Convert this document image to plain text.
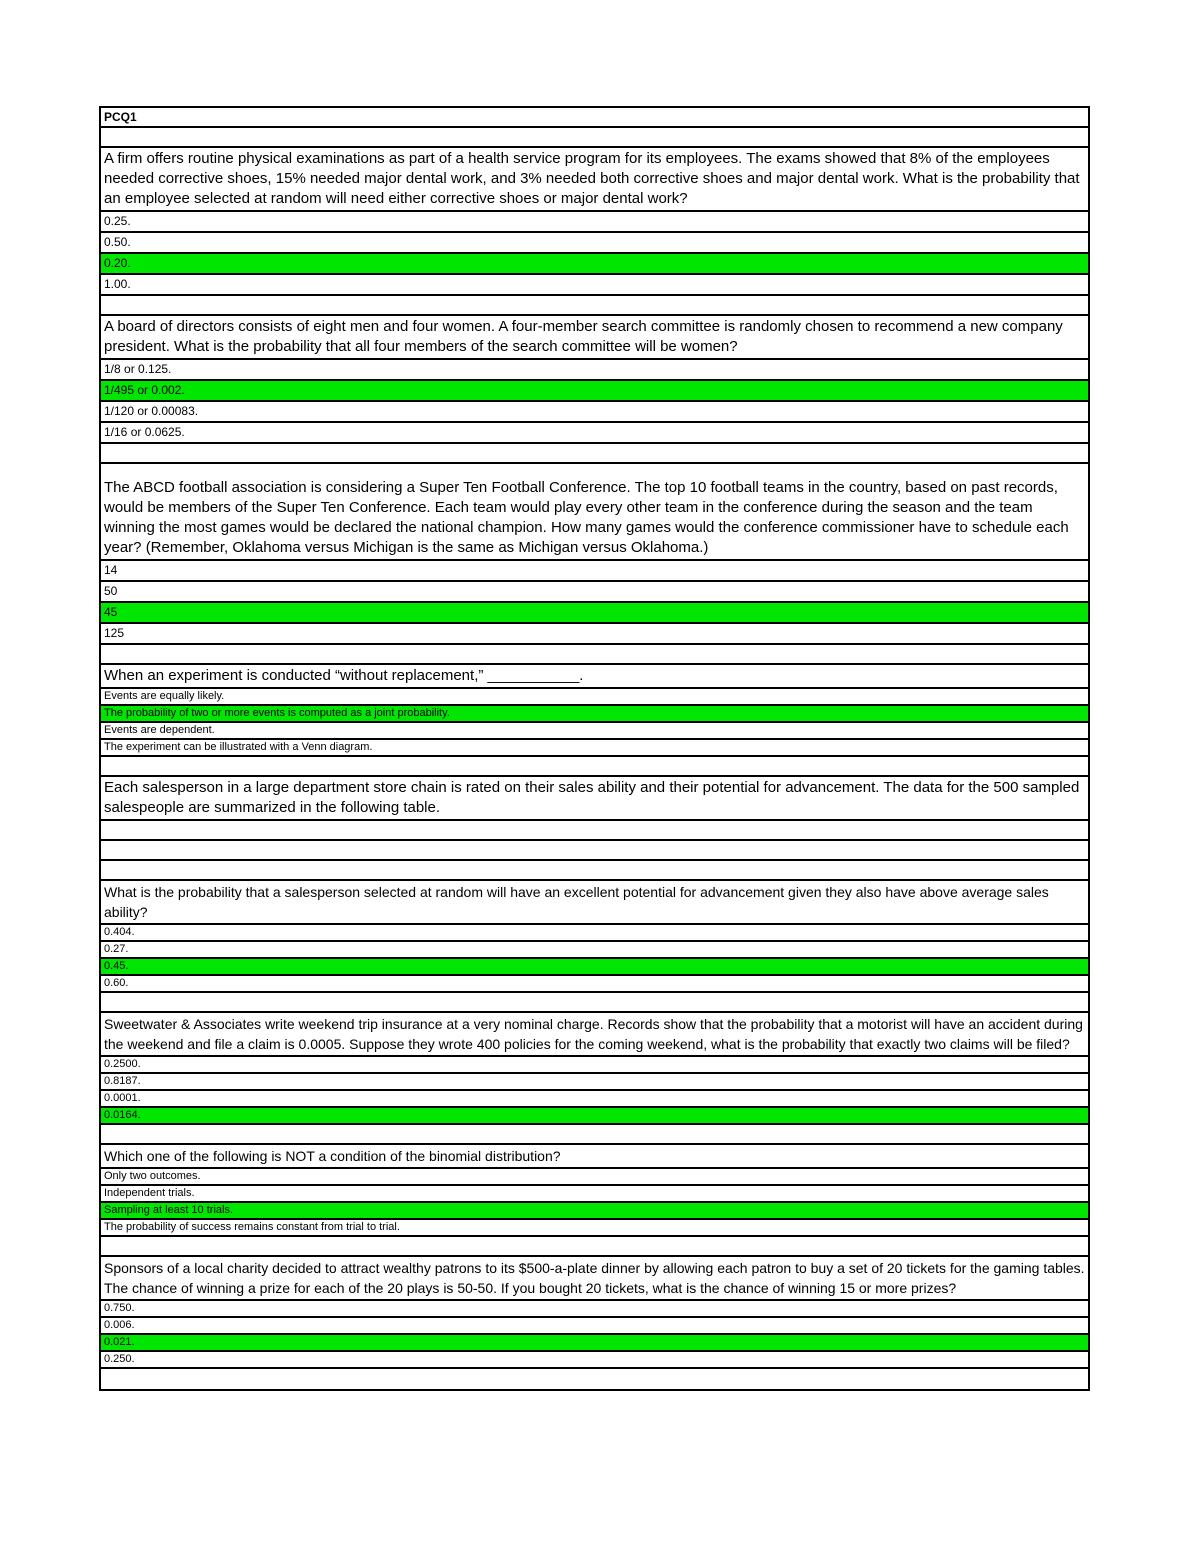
PCQ1
A firm offers routine physical examinations as part of a health service program for its employees. The exams showed that 8% of the employees needed corrective shoes, 15% needed major dental work, and 3% needed both corrective shoes and major dental work. What is the probability that an employee selected at random will need either corrective shoes or major dental work?
0.25.
0.50.
0.20.
1.00.
A board of directors consists of eight men and four women. A four-member search committee is randomly chosen to recommend a new company president. What is the probability that all four members of the search committee will be women?
1/8 or 0.125.
1/495 or 0.002.
1/120 or 0.00083.
1/16 or 0.0625.
The ABCD football association is considering a Super Ten Football Conference. The top 10 football teams in the country, based on past records, would be members of the Super Ten Conference. Each team would play every other team in the conference during the season and the team winning the most games would be declared the national champion. How many games would the conference commissioner have to schedule each year? (Remember, Oklahoma versus Michigan is the same as Michigan versus Oklahoma.)
14
50
45
125
When an experiment is conducted “without replacement,” ___________.
Events are equally likely.
The probability of two or more events is computed as a joint probability.
Events are dependent.
The experiment can be illustrated with a Venn diagram.
Each salesperson in a large department store chain is rated on their sales ability and their potential for advancement. The data for the 500 sampled salespeople are summarized in the following table.
What is the probability that a salesperson selected at random will have an excellent potential for advancement given they also have above average sales ability?
0.404.
0.27.
0.45.
0.60.
Sweetwater & Associates write weekend trip insurance at a very nominal charge. Records show that the probability that a motorist will have an accident during the weekend and file a claim is 0.0005. Suppose they wrote 400 policies for the coming weekend, what is the probability that exactly two claims will be filed?
0.2500.
0.8187.
0.0001.
0.0164.
Which one of the following is NOT a condition of the binomial distribution?
Only two outcomes.
Independent trials.
Sampling at least 10 trials.
The probability of success remains constant from trial to trial.
Sponsors of a local charity decided to attract wealthy patrons to its $500-a-plate dinner by allowing each patron to buy a set of 20 tickets for the gaming tables. The chance of winning a prize for each of the 20 plays is 50-50. If you bought 20 tickets, what is the chance of winning 15 or more prizes?
0.750.
0.006.
0.021.
0.250.
